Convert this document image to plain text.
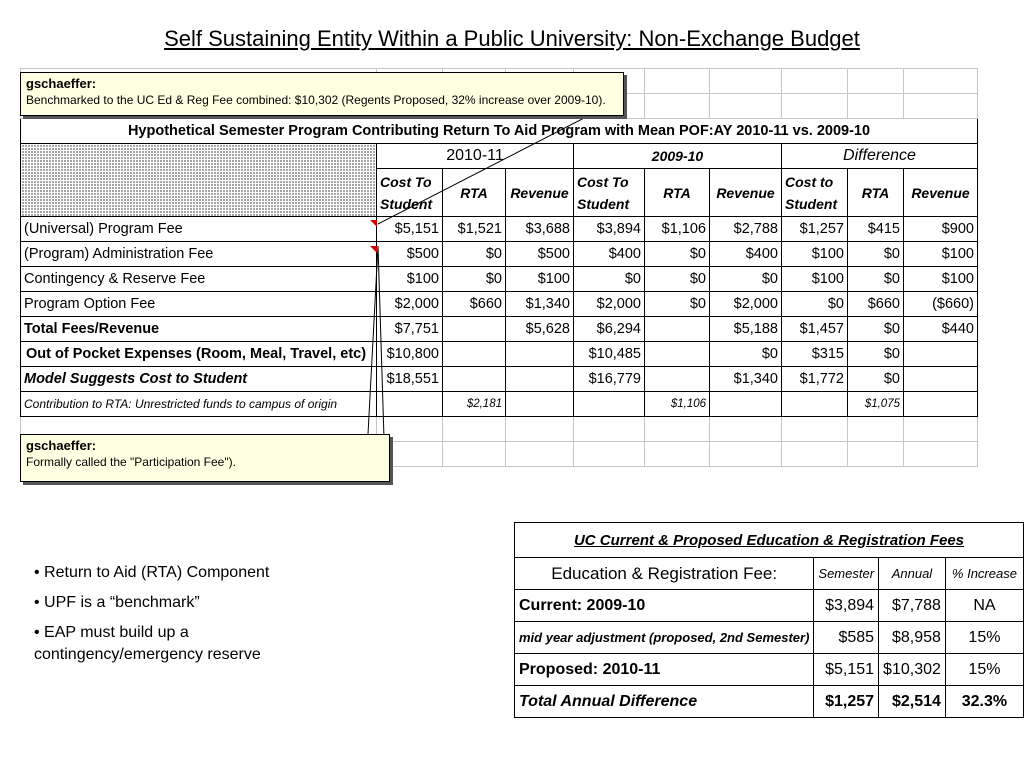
Self Sustaining Entity Within a Public University: Non-Exchange Budget

Hypothetical Semester Program Contributing Return To Aid Program with Mean POF:AY 2010-11 vs. 2009-10									
	2010-11			2009-10			Difference		
	Cost To Student	RTA	Revenue	Cost To Student	RTA	Revenue	Cost to Student	RTA	Revenue
(Universal) Program Fee	$5,151	$1,521	$3,688	$3,894	$1,106	$2,788	$1,257	$415	$900
(Program) Administration Fee	$500	$0	$500	$400	$0	$400	$100	$0	$100
Contingency & Reserve Fee	$100	$0	$100	$0	$0	$0	$100	$0	$100
Program Option Fee	$2,000	$660	$1,340	$2,000	$0	$2,000	$0	$660	($660)
Total Fees/Revenue	$7,751		$5,628	$6,294		$5,188	$1,457	$0	$440
Out of Pocket Expenses (Room, Meal, Travel, etc)	$10,800			$10,485		$0	$315	$0	
Model Suggests Cost to Student	$18,551			$16,779		$1,340	$1,772	$0	
Contribution to RTA: Unrestricted funds to campus of origin		$2,181			$1,106			$1,075	

gschaeffer:
Benchmarked to the UC Ed & Reg Fee combined: $10,302 (Regents Proposed, 32% increase over 2009-10).
gschaeffer:
Formally called the "Participation Fee").
• Return to Aid (RTA) Component
• UPF is a “benchmark”
• EAP must build up a contingency/emergency reserve
UC Current & Proposed Education & Registration Fees			
Education & Registration Fee:	Semester	Annual	% Increase
Current: 2009-10	$3,894	$7,788	NA
mid year adjustment (proposed, 2nd Semester)	$585	$8,958	15%
Proposed: 2010-11	$5,151	$10,302	15%
Total Annual Difference	$1,257	$2,514	32.3%
